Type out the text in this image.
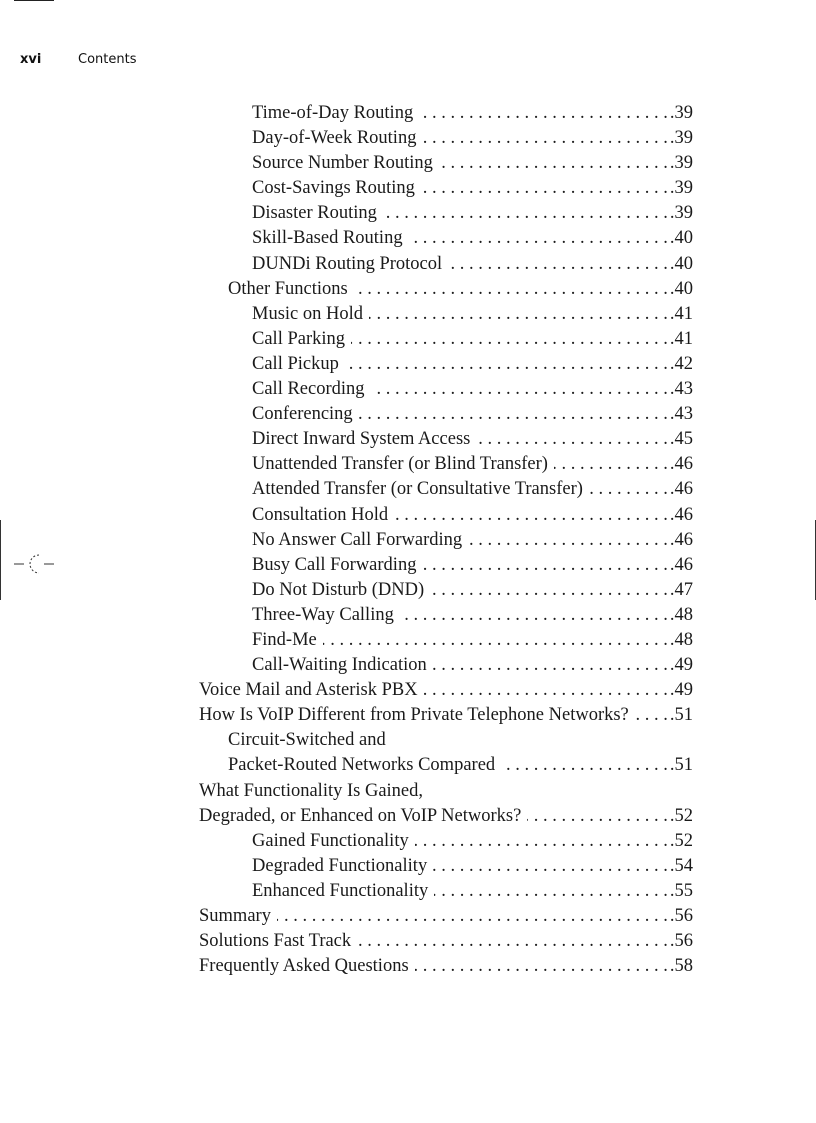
xvi	Contents
Time-of-Day Routing . . .	.39
Day-of-Week Routing . . .	.39
Source Number Routing . . .	.39
Cost-Savings Routing . . .	.39
Disaster Routing . . .	.39
Skill-Based Routing . . .	.40
DUNDi Routing Protocol . . .	.40
Other Functions . . .	.40
Music on Hold . . .	.41
Call Parking . . .	.41
Call Pickup . . .	.42
Call Recording . . .	.43
Conferencing . . .	.43
Direct Inward System Access . . .	.45
Unattended Transfer (or Blind Transfer) . . .	.46
Attended Transfer (or Consultative Transfer) . . .	.46
Consultation Hold . . .	.46
No Answer Call Forwarding . . .	.46
Busy Call Forwarding . . .	.46
Do Not Disturb (DND) . . .	.47
Three-Way Calling . . .	.48
Find-Me . . .	.48
Call-Waiting Indication . . .	.49
Voice Mail and Asterisk PBX . . .	.49
How Is VoIP Different from Private Telephone Networks? . . .	.51
Circuit-Switched and
Packet-Routed Networks Compared . . .	.51
What Functionality Is Gained,
Degraded, or Enhanced on VoIP Networks? . . .	.52
Gained Functionality . . .	.52
Degraded Functionality . . .	.54
Enhanced Functionality . . .	.55
Summary . . .	.56
Solutions Fast Track . . .	.56
Frequently Asked Questions . . .	.58
